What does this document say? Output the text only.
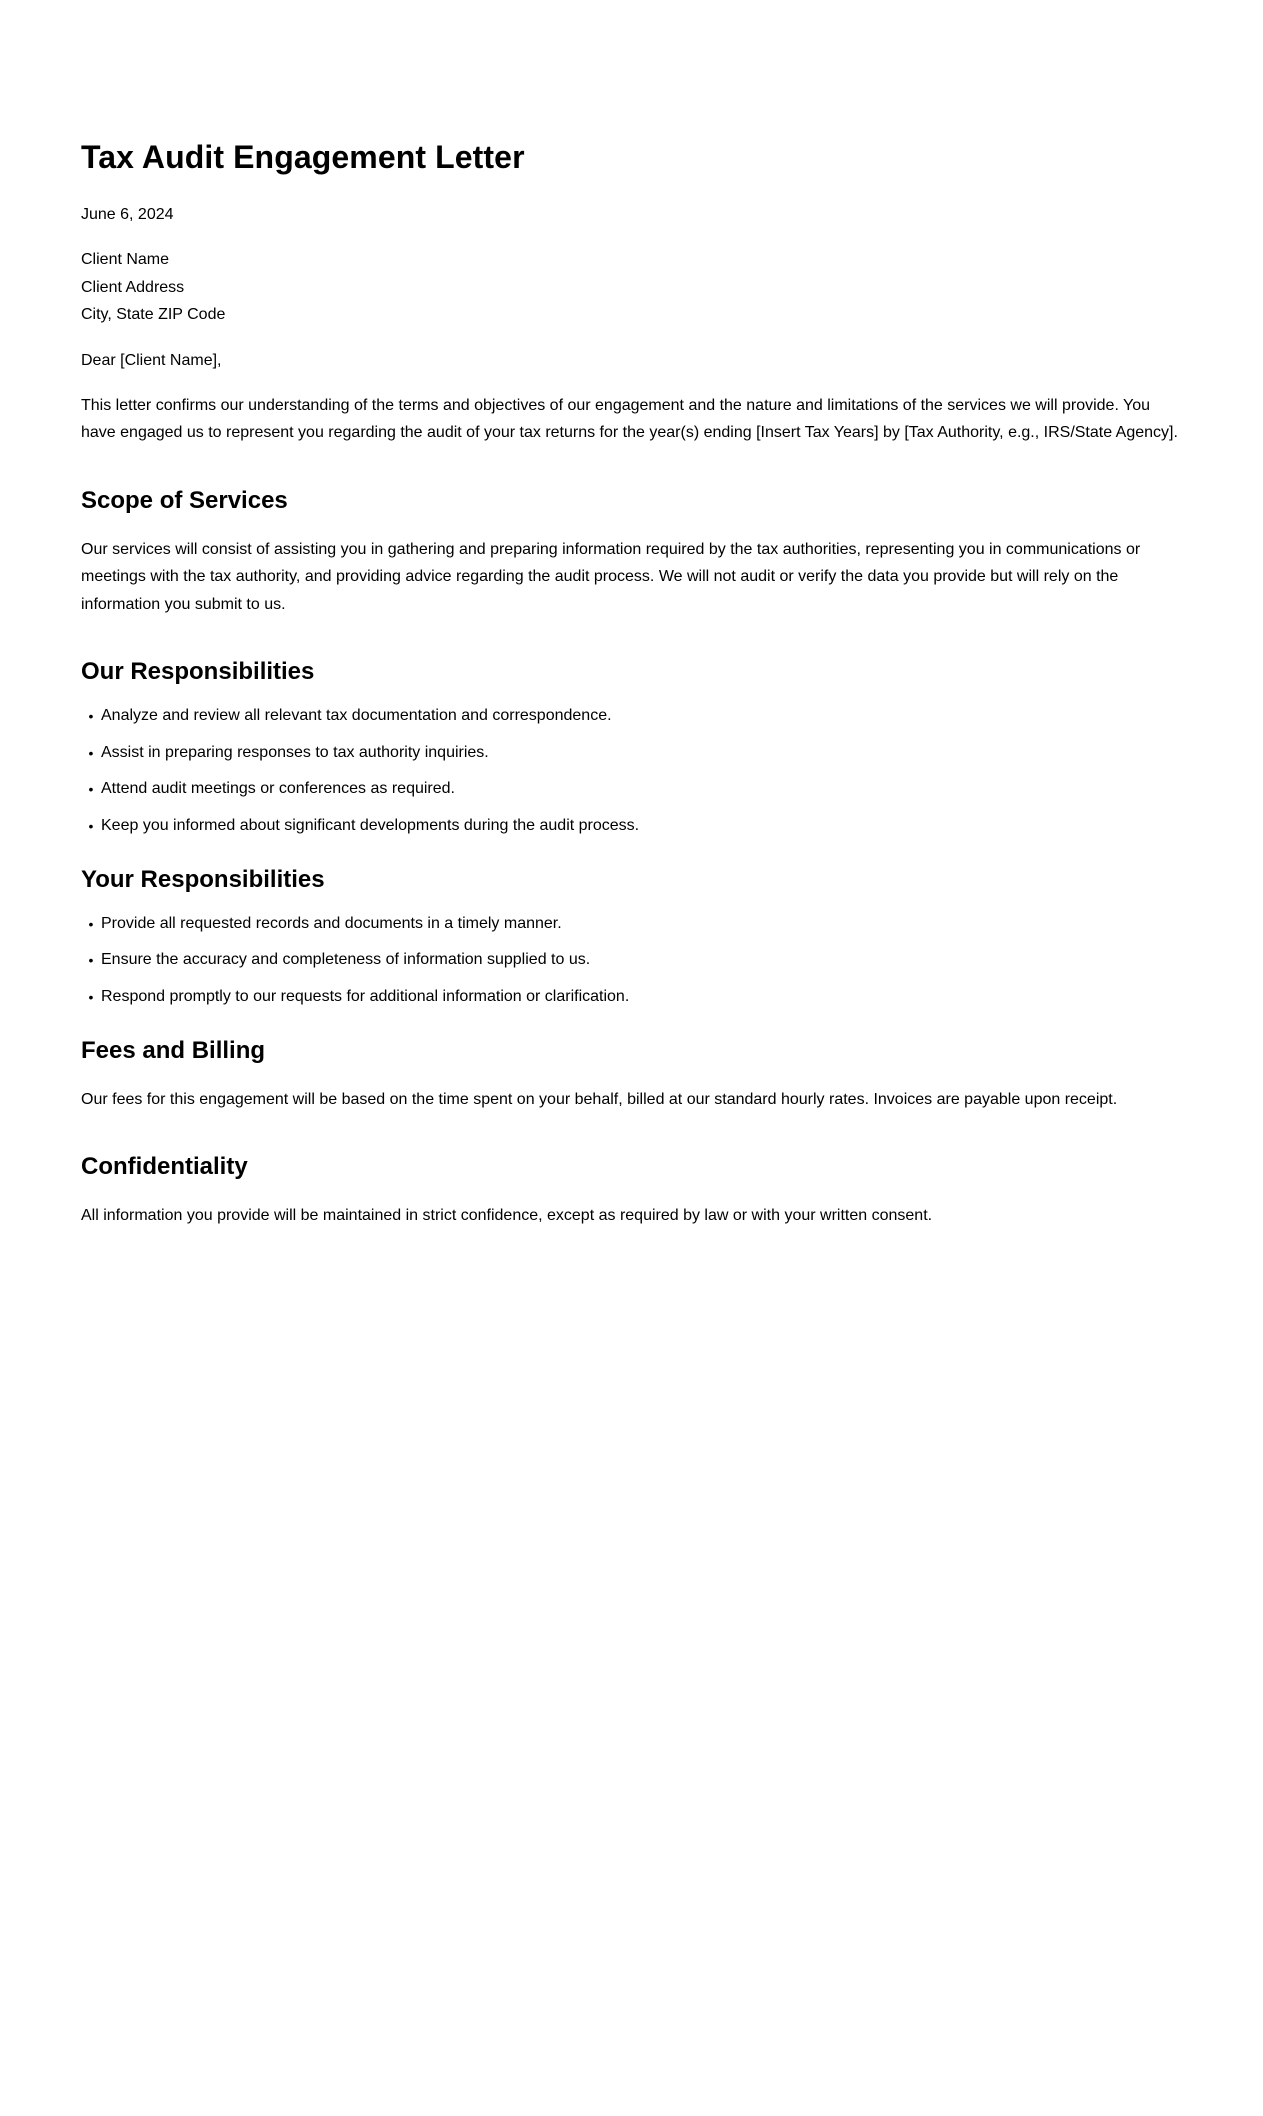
Tax Audit Engagement Letter
June 6, 2024
Client Name
Client Address
City, State ZIP Code
Dear [Client Name],

This letter confirms our understanding of the terms and objectives of our engagement and the nature and limitations of the services we will provide. You have engaged us to represent you regarding the audit of your tax returns for the year(s) ending [Insert Tax Years] by [Tax Authority, e.g., IRS/State Agency].

Scope of Services

Our services will consist of assisting you in gathering and preparing information required by the tax authorities, representing you in communications or meetings with the tax authority, and providing advice regarding the audit process. We will not audit or verify the data you provide but will rely on the information you submit to us.

Our Responsibilities
• Analyze and review all relevant tax documentation and correspondence.
• Assist in preparing responses to tax authority inquiries.
• Attend audit meetings or conferences as required.
• Keep you informed about significant developments during the audit process.
Your Responsibilities
• Provide all requested records and documents in a timely manner.
• Ensure the accuracy and completeness of information supplied to us.
• Respond promptly to our requests for additional information or clarification.
Fees and Billing

Our fees for this engagement will be based on the time spent on your behalf, billed at our standard hourly rates. Invoices are payable upon receipt.

Confidentiality

All information you provide will be maintained in strict confidence, except as required by law or with your written consent.
